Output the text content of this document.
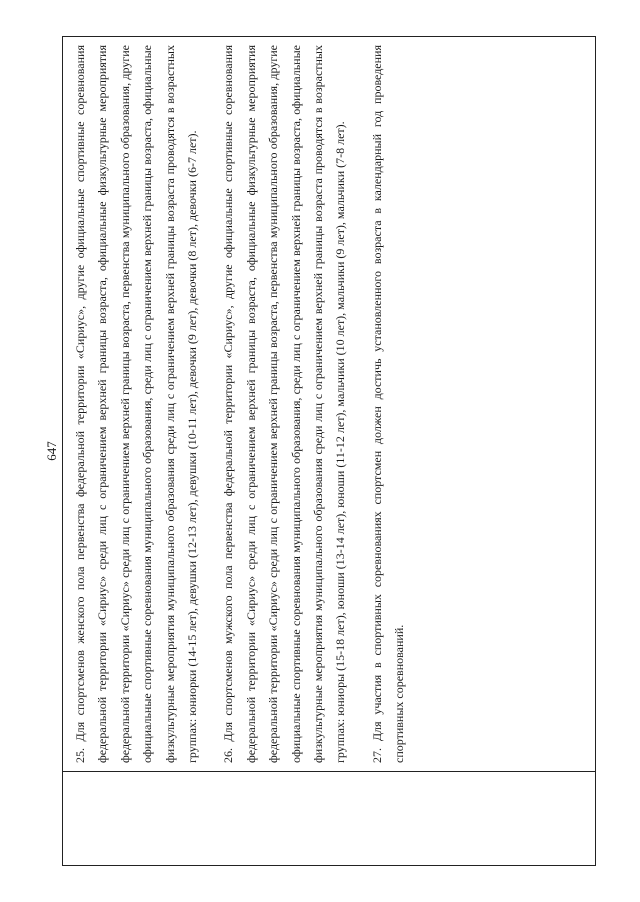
647	25. Для спортсменов женского пола первенства федеральной территории «Сириус», другие официальные спортивные соревнования федеральной территории «Сириус» среди лиц с ограничением верхней границы возраста, официальные физкультурные мероприятия федеральной территории «Сириус» среди лиц с ограничением верхней границы возраста, первенства муниципального образования, другие официальные спортивные соревнования муниципального образования, среди лиц с ограничением верхней границы возраста, официальные физкультурные мероприятия муниципального образования среди лиц с ограничением верхней границы возраста проводятся в возрастных группах: юниорки (14-15 лет), девушки (12-13 лет), девушки (10-11 лет), девочки (9 лет), девочки (8 лет), девочки (6-7 лет).	26. Для спортсменов мужского пола первенства федеральной территории «Сириус», другие официальные спортивные соревнования федеральной территории «Сириус» среди лиц с ограничением верхней границы возраста, официальные физкультурные мероприятия федеральной территории «Сириус» среди лиц с ограничением верхней границы возраста, первенства муниципального образования, другие официальные спортивные соревнования муниципального образования, среди лиц с ограничением верхней границы возраста, официальные физкультурные мероприятия муниципального образования среди лиц с ограничением верхней границы возраста проводятся в возрастных группах: юниоры (15-18 лет), юноши (13-14 лет), юноши (11-12 лет), мальчики (10 лет), мальчики (9 лет), мальчики (7-8 лет).	27. Для участия в спортивных соревнованиях спортсмен должен достичь установленного возраста в календарный год проведения спортивных соревнований.
